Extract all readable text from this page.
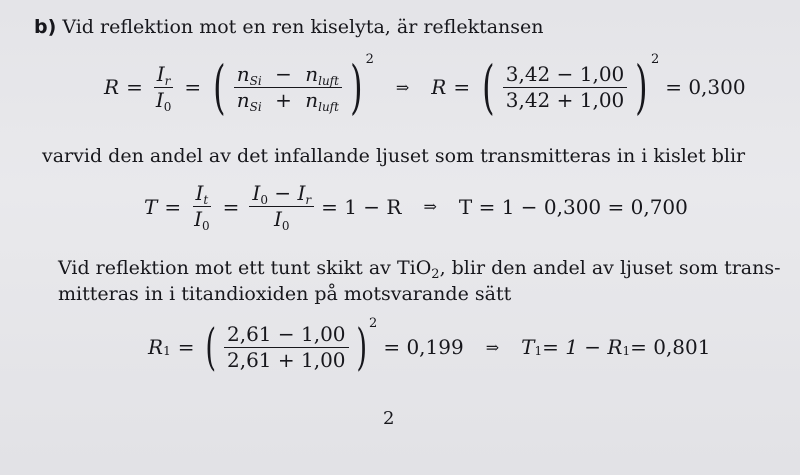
b) Vid reflektion mot en ren kiselyta, är reflektansen
$R = \frac{I_r}{I_0}$ = ( $\frac{n_{Si} - n_{luft}}{n_{Si} + n_{luft}}$ ) 2
⇒ R = ( $\frac{3,42 - 1,00}{3,42 + 1,00}$ ) 2
= 0,300
varvid den andel av det infallande ljuset som transmitteras in i kislet blir
$T = \frac{I_t}{I_0} = \frac{I_0 - I_r}{I_0} = 1 - R$ ⇒ T = 1 − 0,300 = 0,700
Vid reflektion mot ett tunt skikt av TiO$_2$, blir den andel av ljuset som trans-
mitteras in i titandioxiden på motsvarande sätt
R 1 = ( $\frac{2,61 - 1,00}{2,61 + 1,00}$ ) 2
= 0,199 ⇒ T 1 = 1 − R 1 = 0,801
2
